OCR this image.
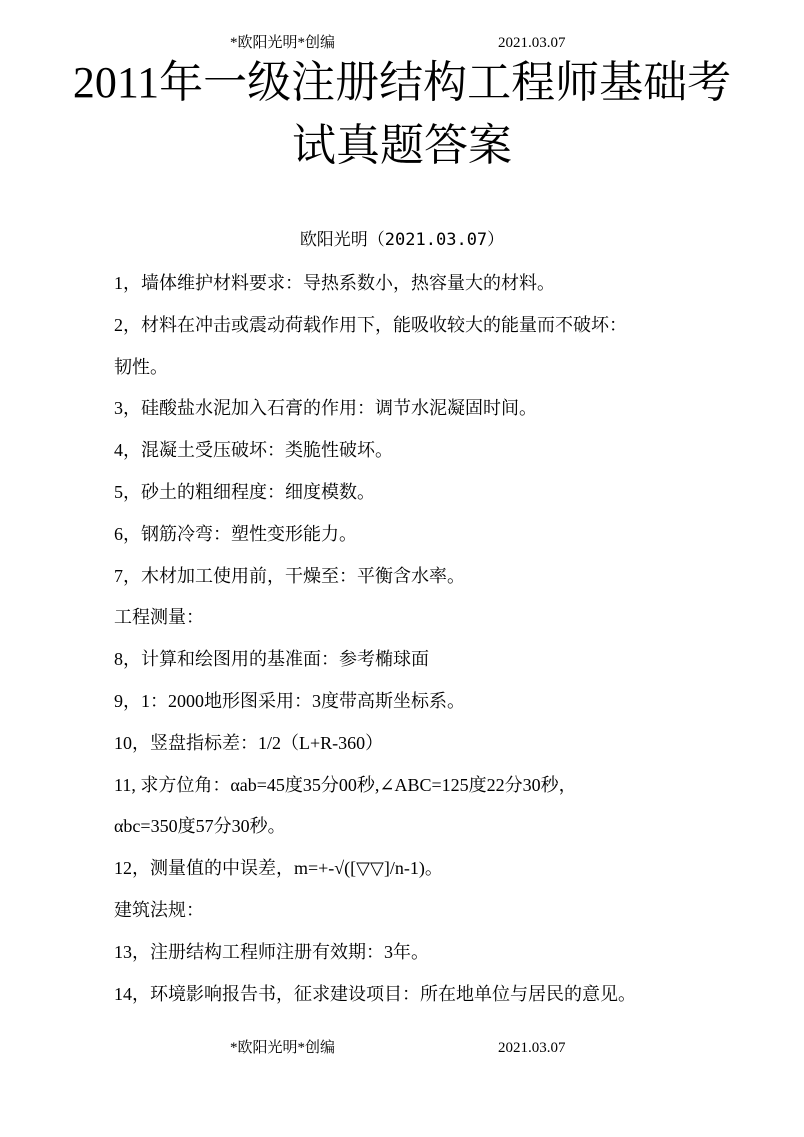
*欧阳光明*创编	2021.03.07
2011年一级注册结构工程师基础考
试真题答案
欧阳光明（2021.03.07）
1，墙体维护材料要求：导热系数小，热容量大的材料。
2，材料在冲击或震动荷载作用下，能吸收较大的能量而不破坏：
韧性。
3，硅酸盐水泥加入石膏的作用：调节水泥凝固时间。
4，混凝土受压破坏：类脆性破坏。
5，砂土的粗细程度：细度模数。
6，钢筋冷弯：塑性变形能力。
7，木材加工使用前，干燥至：平衡含水率。
工程测量：
8，计算和绘图用的基准面：参考椭球面
9，1：2000地形图采用：3度带高斯坐标系。
10，竖盘指标差：1/2（L+R-360）
11, 求方位角：αab=45度35分00秒,∠ABC=125度22分30秒，
αbc=350度57分30秒。
12，测量值的中误差，m=+-√([▽▽]/n-1)。
建筑法规：
13，注册结构工程师注册有效期：3年。
14，环境影响报告书，征求建设项目：所在地单位与居民的意见。
*欧阳光明*创编	2021.03.07
